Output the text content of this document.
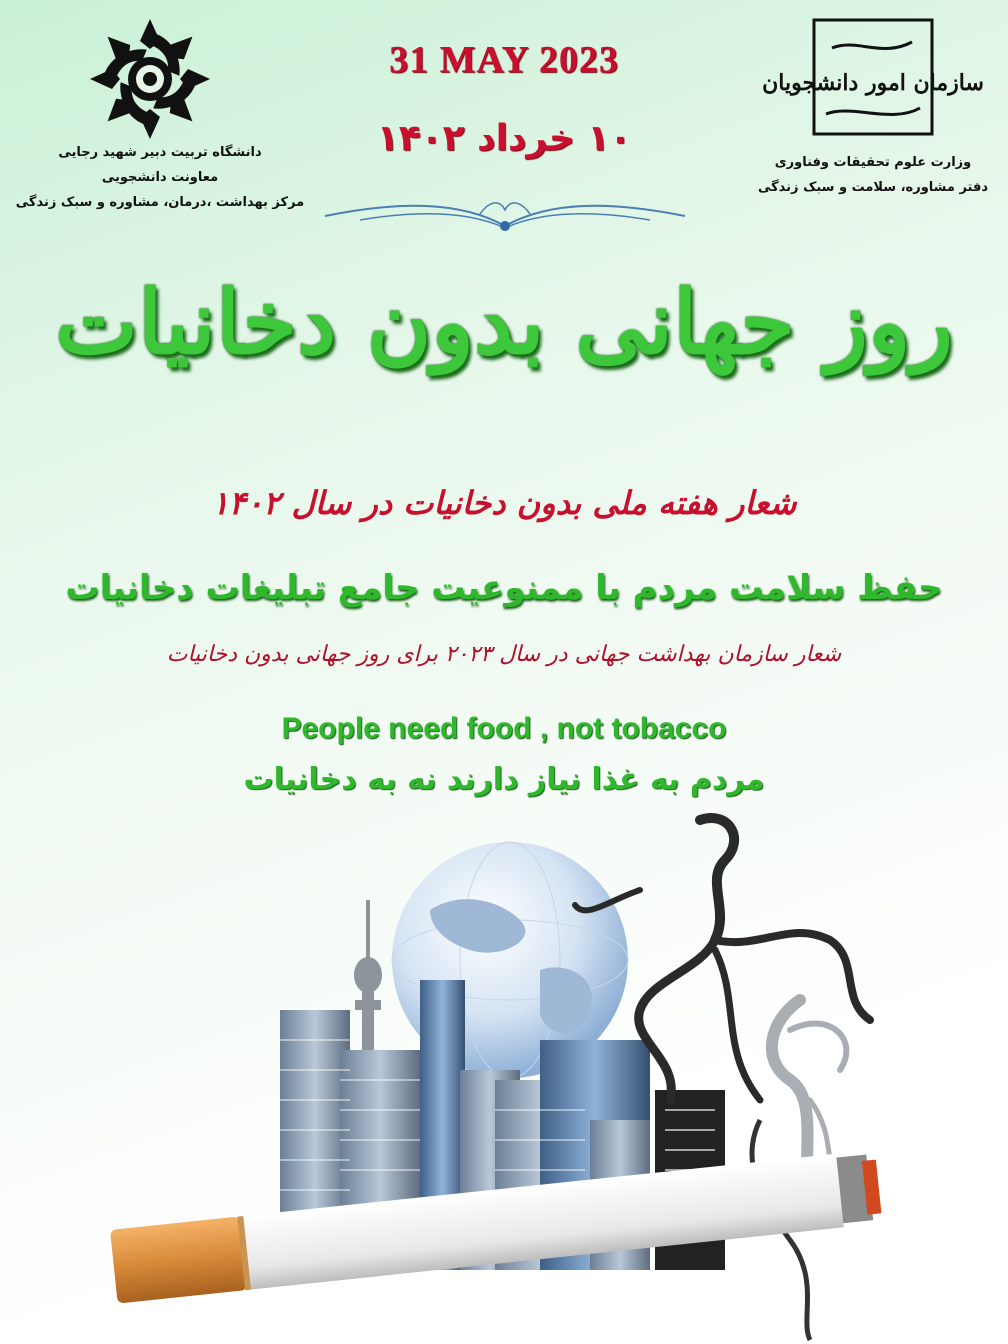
31 MAY 2023
۱۰ خرداد ۱۴۰۲
دانشگاه تربیت دبیر شهید رجایی
معاونت دانشجویی
مرکز بهداشت ،درمان، مشاوره و سبک زندگی
سازمان امور دانشجویان
وزارت علوم تحقیقات وفناوری
دفتر مشاوره، سلامت و سبک زندگی
روز جهانی بدون دخانیات
شعار هفته ملی بدون دخانیات در سال ۱۴۰۲
حفظ سلامت مردم با ممنوعیت جامع تبلیغات دخانیات
شعار سازمان بهداشت جهانی در سال ۲۰۲۳ برای روز جهانی بدون دخانیات
People need food , not tobacco
مردم به غذا نیاز دارند نه به دخانیات
